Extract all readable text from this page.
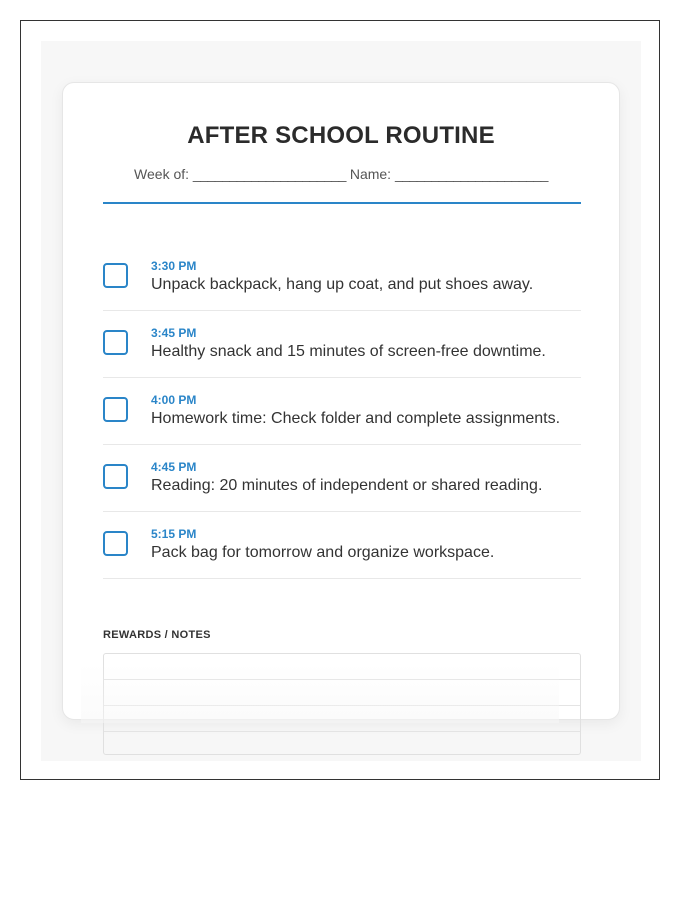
AFTER SCHOOL ROUTINE
Week of: _____________________ Name: _____________________
3:30 PM
Unpack backpack, hang up coat, and put shoes away.
3:45 PM
Healthy snack and 15 minutes of screen-free downtime.
4:00 PM
Homework time: Check folder and complete assignments.
4:45 PM
Reading: 20 minutes of independent or shared reading.
5:15 PM
Pack bag for tomorrow and organize workspace.
REWARDS / NOTES
